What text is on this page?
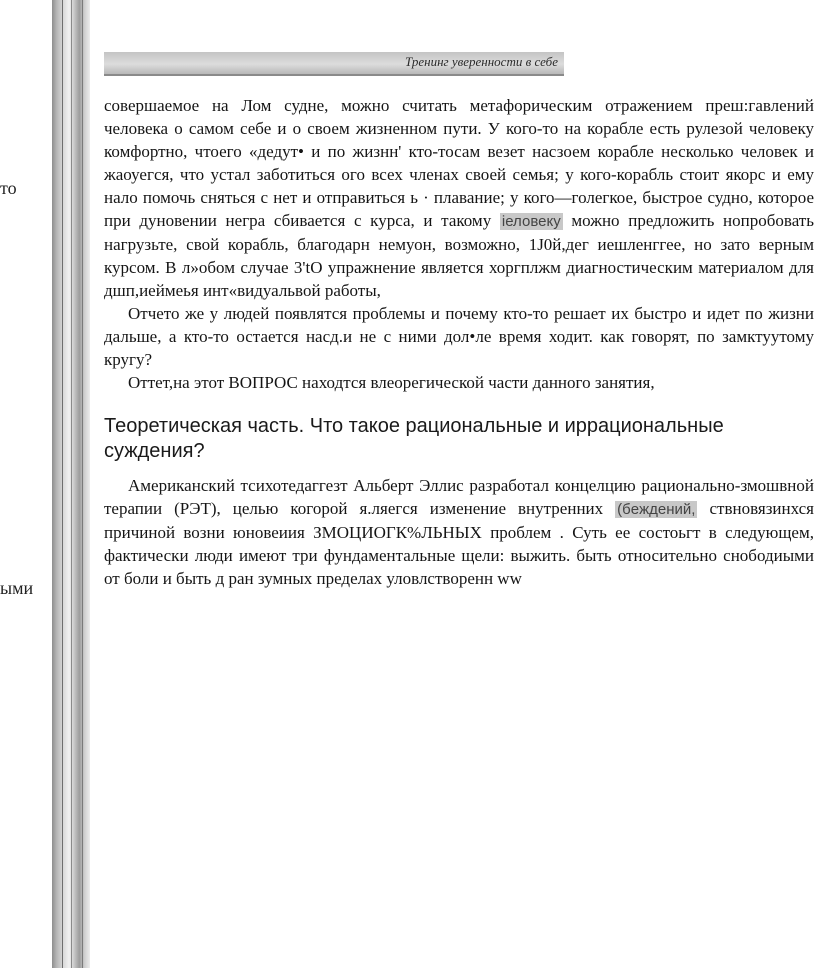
то
ыми
Тренинг уверенности в себе

совершаемое на Лом судне, можно считать метафорическим отражением преш:гавлений человека о самом себе и о своем жизненном пути. У кого-то на корабле есть рулезой человеку комфортно, чтоего «дедут• и по жизнн' кто-тосам везет насзоем корабле несколько человек и жаоуегся, что устал заботиться ого всех членах своей семья; у кого-корабль стоит якорс и ему нало помочь сняться с нет и отправиться ь · плавание; у кого—голегкое, быстрое судно, которое при дуновении негра сбивается с курса, и такому іеловеку можно предложить нопробовать нагрузьте, свой корабль, благодарн немуон, возможно, 1J0й,дег иешленггее, но зато верным курсом. В л»обом случае 3'tO упражнение является хоргплжм диагностическим материалом для дшп,иеймеья инт«видуальвой работы,

Отчето же у людей появлятся проблемы и почему кто-то решает их быстро и идет по жизни дальше, а кто-то остается насд.и не с ними дол•ле время ходит. как говорят, по замктуутому кругу?

Оттет,на этот ВОПРОС находтся влеорегической части данного занятия,

Теоретическая часть. Что такое рациональные и иррациональные суждения?

Американский тсихотедаггезт Альберт Эллис разработал концелцию рационально-змошвной терапии (РЭТ), целью когорой я.ляегся изменение внутренних (бeждeний, ствновязинхся причиной возни юновеиия ЗМОЦИОГК%ЛЬНЫХ проблем . Суть ее состоьгт в следующем, фактически люди имеют три фундаментальные щели: выжить. быть относительно снободиыми от боли и быть д ран зумных пределах уловлстворенн ww
